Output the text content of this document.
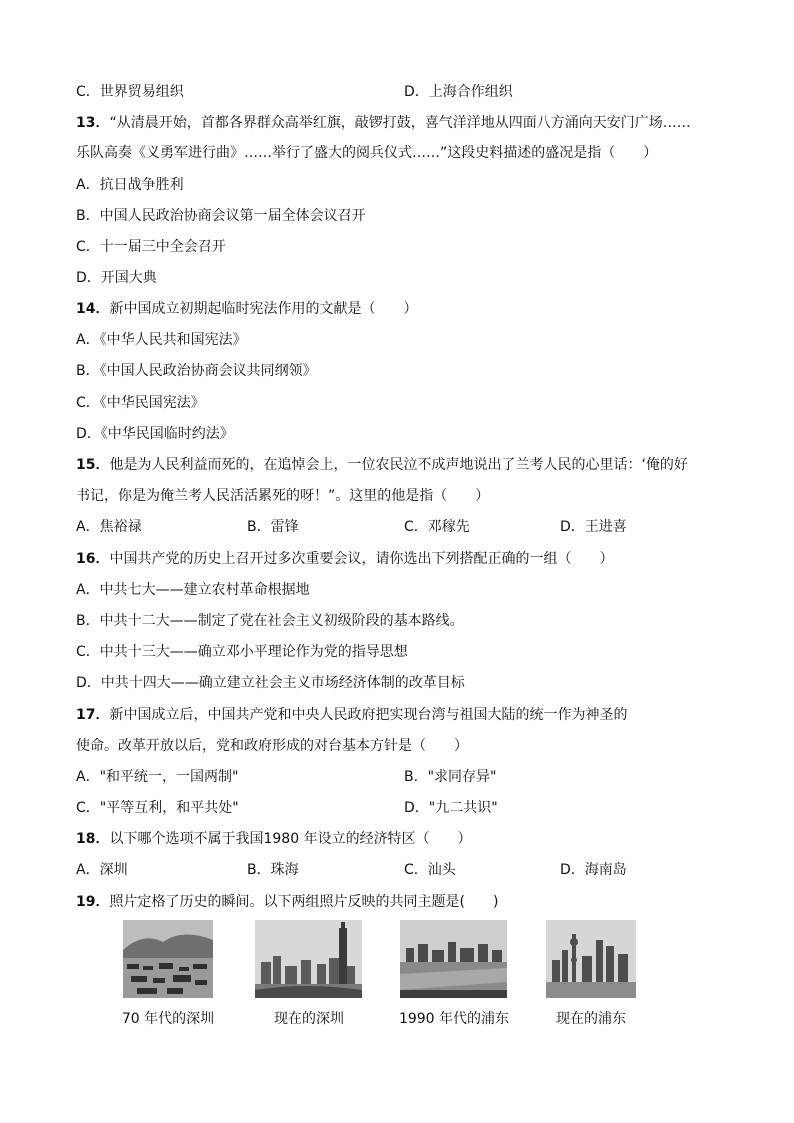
C．世界贸易组织	D．上海合作组织
13．“从清晨开始，首都各界群众高举红旗，敲锣打鼓，喜气洋洋地从四面八方涌向天安门广场……
乐队高奏《义勇军进行曲》……举行了盛大的阅兵仪式……”这段史料描述的盛况是指（　　）
A．抗日战争胜利
B．中国人民政治协商会议第一届全体会议召开
C．十一届三中全会召开
D．开国大典
14．新中国成立初期起临时宪法作用的文献是（　　）
A．《中华人民共和国宪法》
B．《中国人民政治协商会议共同纲领》
C．《中华民国宪法》
D．《中华民国临时约法》
15．他是为人民利益而死的，在追悼会上，一位农民泣不成声地说出了兰考人民的心里话：‘俺的好
书记，你是为俺兰考人民活活累死的呀！”。这里的他是指（　　）
A．焦裕禄	B．雷锋	C．邓稼先	D．王进喜
16．中国共产党的历史上召开过多次重要会议，请你选出下列搭配正确的一组（　　）
A．中共七大——建立农村革命根据地
B．中共十二大——制定了党在社会主义初级阶段的基本路线。
C．中共十三大——确立邓小平理论作为党的指导思想
D．中共十四大——确立建立社会主义市场经济体制的改革目标
17．新中国成立后，中国共产党和中央人民政府把实现台湾与祖国大陆的统一作为神圣的
使命。改革开放以后，党和政府形成的对台基本方针是（　　）
A．"和平统一，一国两制"	B．"求同存异"
C．"平等互利，和平共处"	D．"九二共识"
18．以下哪个选项不属于我国1980 年设立的经济特区（　　）
A．深圳	B．珠海	C．汕头	D．海南岛
19．照片定格了历史的瞬间。以下两组照片反映的共同主题是(　　)
70 年代的深圳	现在的深圳	1990 年代的浦东	现在的浦东
